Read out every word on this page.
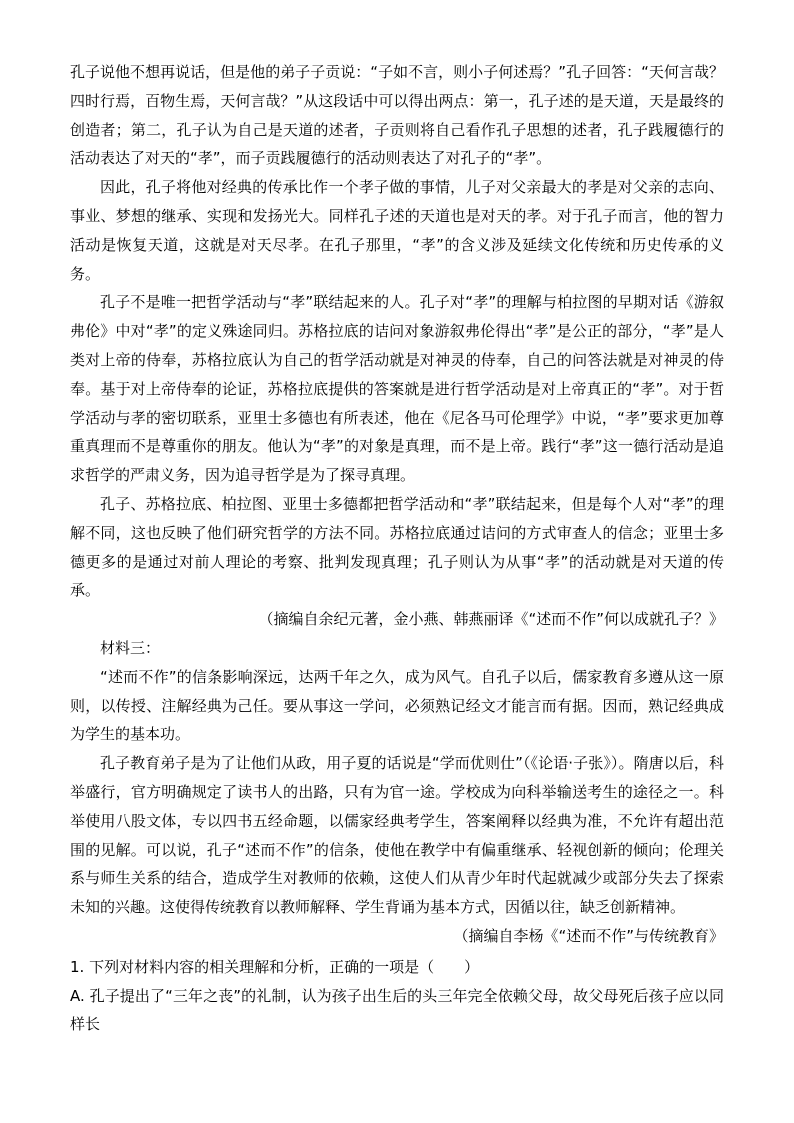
孔子说他不想再说话，但是他的弟子子贡说：“子如不言，则小子何述焉？”孔子回答：“天何言哉？四时行焉，百物生焉，天何言哉？”从这段话中可以得出两点：第一，孔子述的是天道，天是最终的创造者；第二，孔子认为自己是天道的述者，子贡则将自己看作孔子思想的述者，孔子践履德行的活动表达了对天的“孝”，而子贡践履德行的活动则表达了对孔子的“孝”。

因此，孔子将他对经典的传承比作一个孝子做的事情，儿子对父亲最大的孝是对父亲的志向、事业、梦想的继承、实现和发扬光大。同样孔子述的天道也是对天的孝。对于孔子而言，他的智力活动是恢复天道，这就是对天尽孝。在孔子那里，“孝”的含义涉及延续文化传统和历史传承的义务。

孔子不是唯一把哲学活动与“孝”联结起来的人。孔子对“孝”的理解与柏拉图的早期对话《游叙弗伦》中对“孝”的定义殊途同归。苏格拉底的诘问对象游叙弗伦得出“孝”是公正的部分，“孝”是人类对上帝的侍奉，苏格拉底认为自己的哲学活动就是对神灵的侍奉，自己的问答法就是对神灵的侍奉。基于对上帝侍奉的论证，苏格拉底提供的答案就是进行哲学活动是对上帝真正的“孝”。对于哲学活动与孝的密切联系，亚里士多德也有所表述，他在《尼各马可伦理学》中说，“孝”要求更加尊重真理而不是尊重你的朋友。他认为“孝”的对象是真理，而不是上帝。践行“孝”这一德行活动是追求哲学的严肃义务，因为追寻哲学是为了探寻真理。

孔子、苏格拉底、柏拉图、亚里士多德都把哲学活动和“孝”联结起来，但是每个人对“孝”的理解不同，这也反映了他们研究哲学的方法不同。苏格拉底通过诘问的方式审查人的信念；亚里士多德更多的是通过对前人理论的考察、批判发现真理；孔子则认为从事“孝”的活动就是对天道的传承。

（摘编自余纪元著，金小燕、韩燕丽译《“述而不作”何以成就孔子？》

材料三：

“述而不作”的信条影响深远，达两千年之久，成为风气。自孔子以后，儒家教育多遵从这一原则，以传授、注解经典为己任。要从事这一学问，必须熟记经文才能言而有据。因而，熟记经典成为学生的基本功。

孔子教育弟子是为了让他们从政，用子夏的话说是“学而优则仕”（《论语·子张》）。隋唐以后，科举盛行，官方明确规定了读书人的出路，只有为官一途。学校成为向科举输送考生的途径之一。科举使用八股文体，专以四书五经命题，以儒家经典考学生，答案阐释以经典为准，不允许有超出范围的见解。可以说，孔子“述而不作”的信条，使他在教学中有偏重继承、轻视创新的倾向；伦理关系与师生关系的结合，造成学生对教师的依赖，这使人们从青少年时代起就减少或部分失去了探索未知的兴趣。这使得传统教育以教师解释、学生背诵为基本方式，因循以往，缺乏创新精神。

（摘编自李杨《“述而不作”与传统教育》

1. 下列对材料内容的相关理解和分析，正确的一项是（　　）

A. 孔子提出了“三年之丧”的礼制，认为孩子出生后的头三年完全依赖父母，故父母死后孩子应以同样长
